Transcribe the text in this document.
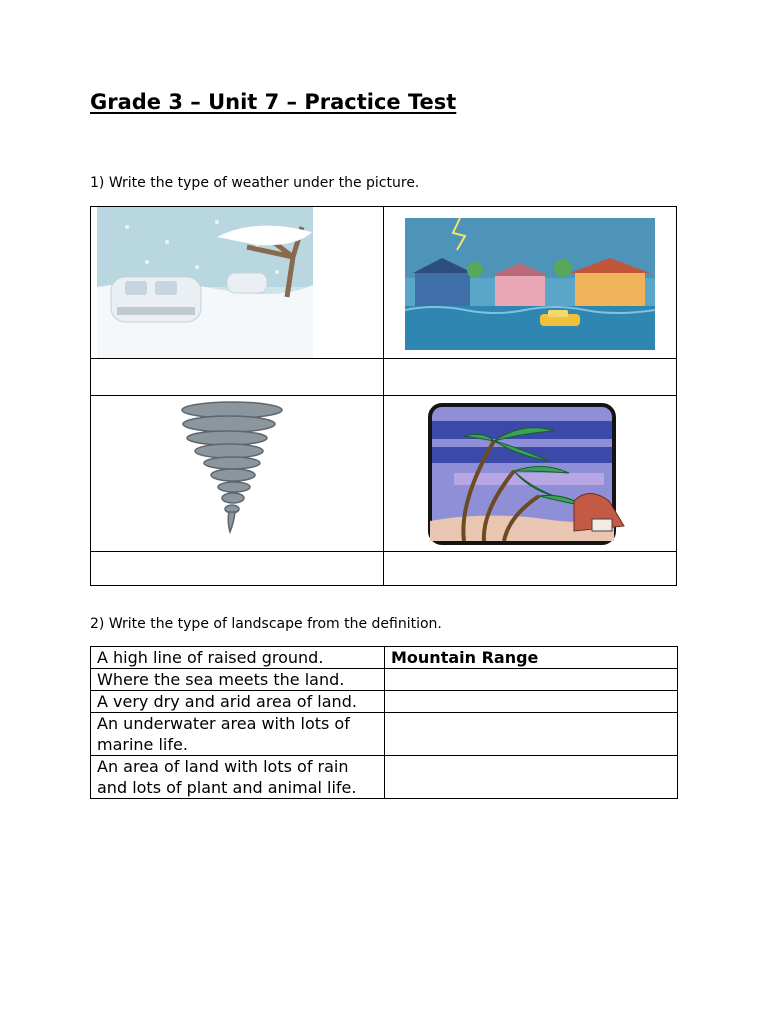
Grade 3 – Unit 7 – Practice Test
1) Write the type of weather under the picture.
2) Write the type of landscape from the definition.
A high line of raised ground.	Mountain Range
Where the sea meets the land.	
A very dry and arid area of land.	
An underwater area with lots of marine life.	
An area of land with lots of rain and lots of plant and animal life.	
